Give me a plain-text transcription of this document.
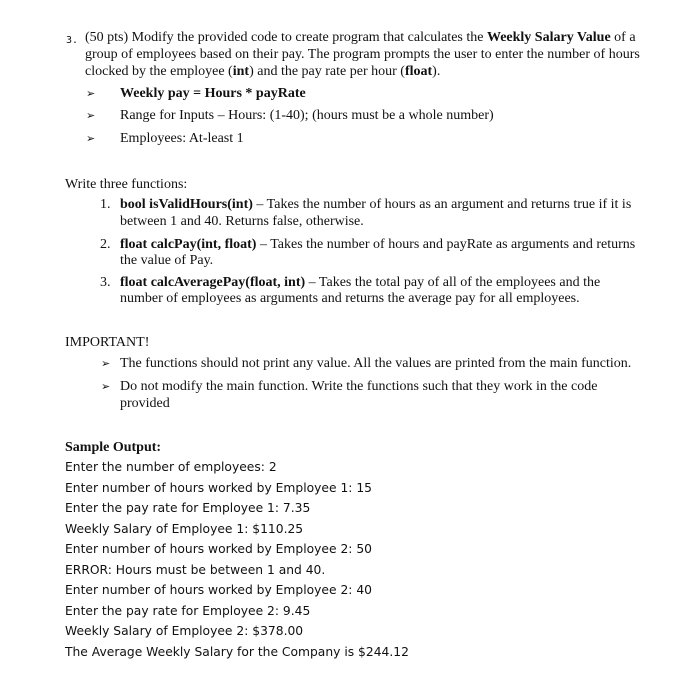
3. (50 pts) Modify the provided code to create program that calculates the Weekly Salary Value of a
group of employees based on their pay. The program prompts the user to enter the number of hours
clocked by the employee (int) and the pay rate per hour (float).
➢ Weekly pay = Hours * payRate
➢ Range for Inputs – Hours: (1-40); (hours must be a whole number)
➢ Employees: At-least 1
Write three functions:
1. bool isValidHours(int) – Takes the number of hours as an argument and returns true if it is
between 1 and 40. Returns false, otherwise.
2. float calcPay(int, float) – Takes the number of hours and payRate as arguments and returns
the value of Pay.
3. float calcAveragePay(float, int) – Takes the total pay of all of the employees and the
number of employees as arguments and returns the average pay for all employees.
IMPORTANT!
➢ The functions should not print any value. All the values are printed from the main function.
➢ Do not modify the main function. Write the functions such that they work in the code
provided
Sample Output:
Enter the number of employees: 2
Enter number of hours worked by Employee 1: 15
Enter the pay rate for Employee 1: 7.35
Weekly Salary of Employee 1: $110.25
Enter number of hours worked by Employee 2: 50
ERROR: Hours must be between 1 and 40.
Enter number of hours worked by Employee 2: 40
Enter the pay rate for Employee 2: 9.45
Weekly Salary of Employee 2: $378.00
The Average Weekly Salary for the Company is $244.12
